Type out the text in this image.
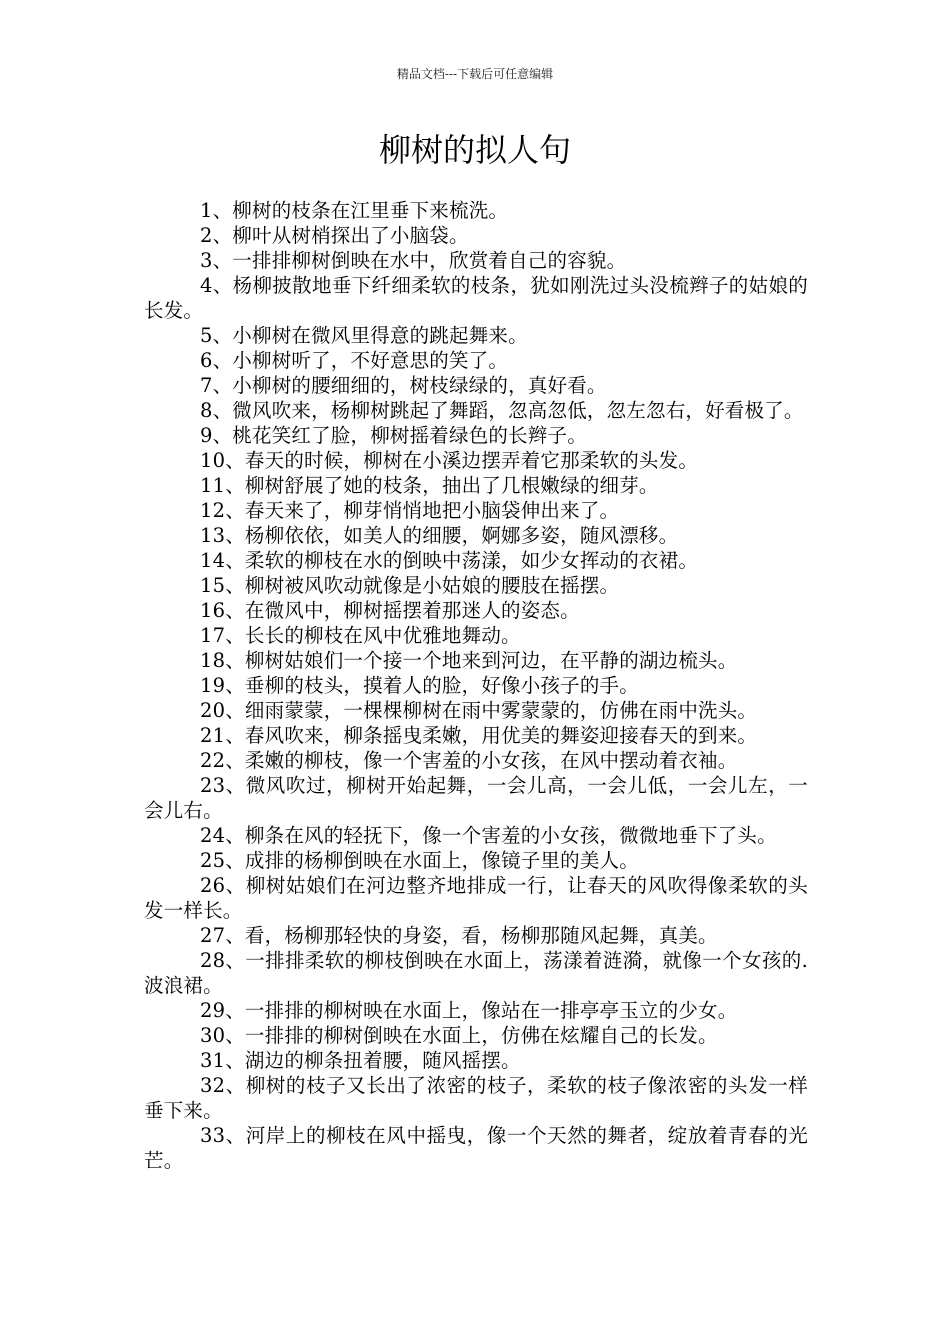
精品文档---下载后可任意编辑
柳树的拟人句
1、柳树的枝条在江里垂下来梳洗。
2、柳叶从树梢探出了小脑袋。
3、一排排柳树倒映在水中，欣赏着自己的容貌。
4、杨柳披散地垂下纤细柔软的枝条，犹如刚洗过头没梳辫子的姑娘的长发。
5、小柳树在微风里得意的跳起舞来。
6、小柳树听了，不好意思的笑了。
7、小柳树的腰细细的，树枝绿绿的，真好看。
8、微风吹来，杨柳树跳起了舞蹈，忽高忽低，忽左忽右，好看极了。
9、桃花笑红了脸，柳树摇着绿色的长辫子。
10、春天的时候，柳树在小溪边摆弄着它那柔软的头发。
11、柳树舒展了她的枝条，抽出了几根嫩绿的细芽。
12、春天来了，柳芽悄悄地把小脑袋伸出来了。
13、杨柳依依，如美人的细腰，婀娜多姿，随风漂移。
14、柔软的柳枝在水的倒映中荡漾，如少女挥动的衣裙。
15、柳树被风吹动就像是小姑娘的腰肢在摇摆。
16、在微风中，柳树摇摆着那迷人的姿态。
17、长长的柳枝在风中优雅地舞动。
18、柳树姑娘们一个接一个地来到河边，在平静的湖边梳头。
19、垂柳的枝头，摸着人的脸，好像小孩子的手。
20、细雨蒙蒙，一棵棵柳树在雨中雾蒙蒙的，仿佛在雨中洗头。
21、春风吹来，柳条摇曳柔嫩，用优美的舞姿迎接春天的到来。
22、柔嫩的柳枝，像一个害羞的小女孩，在风中摆动着衣袖。
23、微风吹过，柳树开始起舞，一会儿高，一会儿低，一会儿左，一会儿右。
24、柳条在风的轻抚下，像一个害羞的小女孩，微微地垂下了头。
25、成排的杨柳倒映在水面上，像镜子里的美人。
26、柳树姑娘们在河边整齐地排成一行，让春天的风吹得像柔软的头发一样长。
27、看，杨柳那轻快的身姿，看，杨柳那随风起舞，真美。
28、一排排柔软的柳枝倒映在水面上，荡漾着涟漪，就像一个女孩的.波浪裙。
29、一排排的柳树映在水面上，像站在一排亭亭玉立的少女。
30、一排排的柳树倒映在水面上，仿佛在炫耀自己的长发。
31、湖边的柳条扭着腰，随风摇摆。
32、柳树的枝子又长出了浓密的枝子，柔软的枝子像浓密的头发一样垂下来。
33、河岸上的柳枝在风中摇曳，像一个天然的舞者，绽放着青春的光芒。
